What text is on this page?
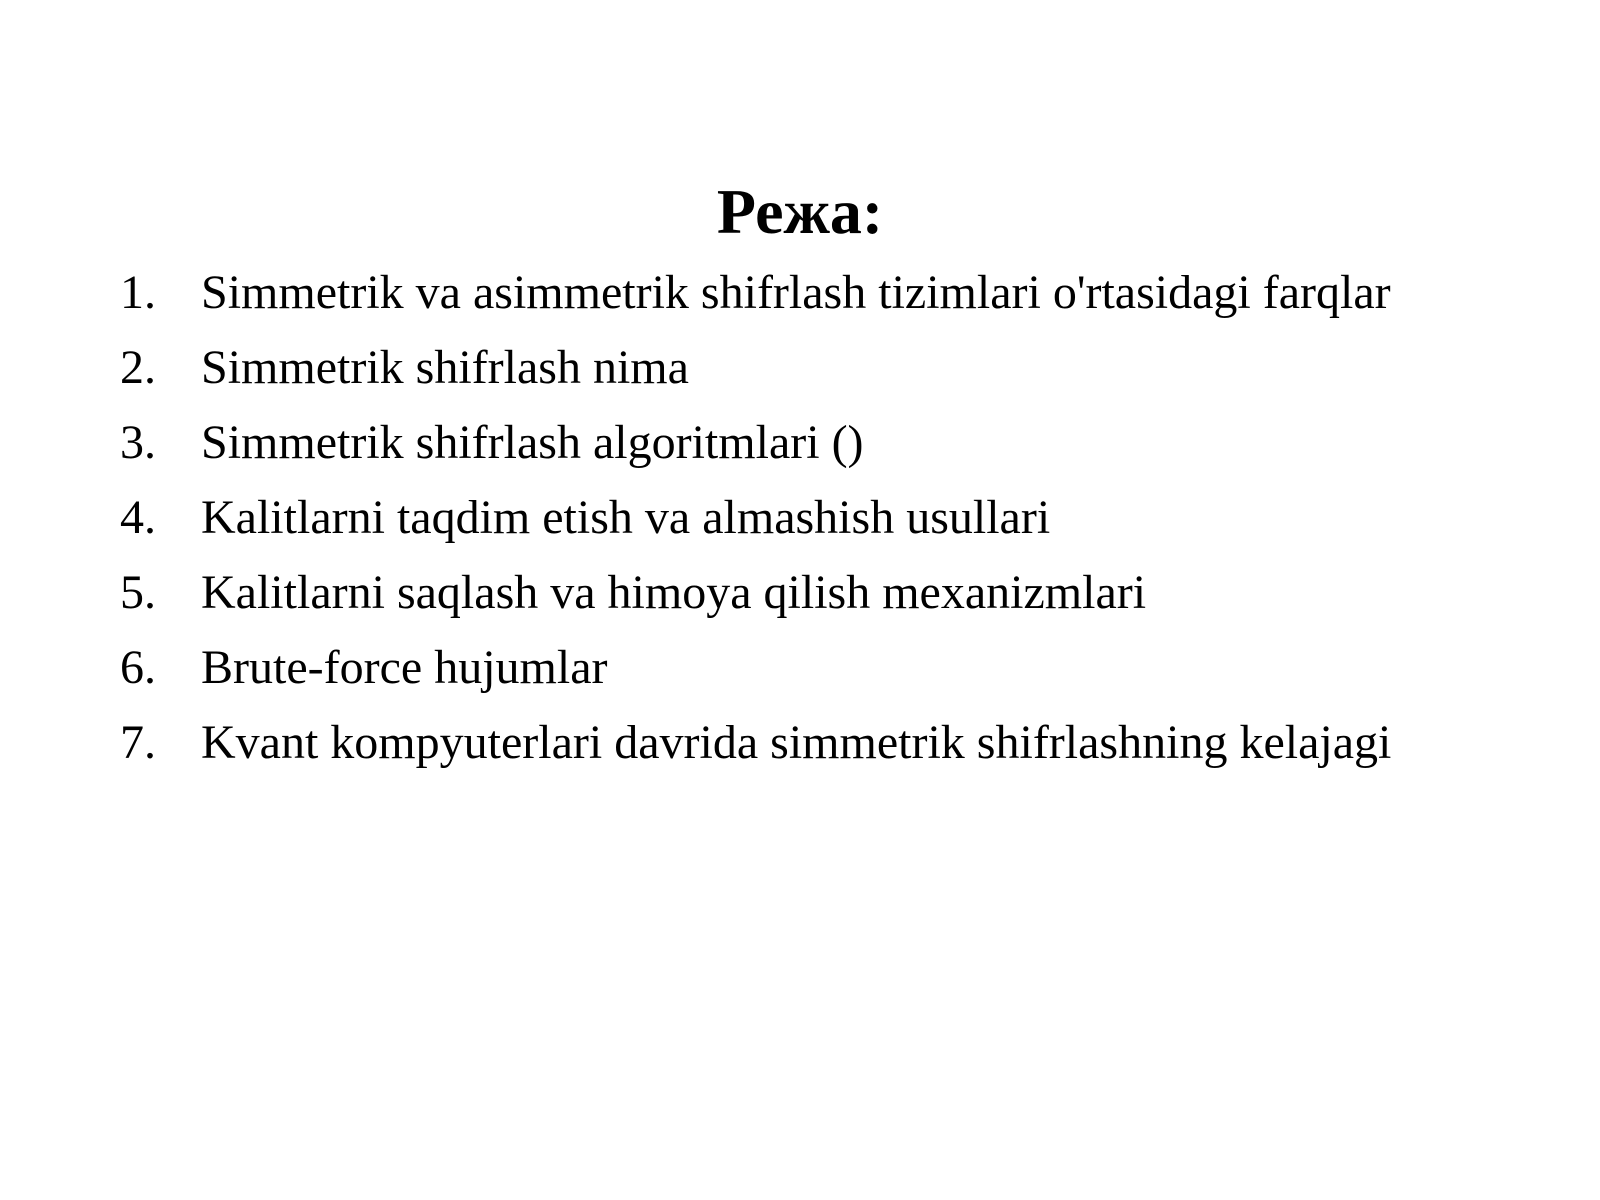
Режа:
1. Simmetrik va asimmetrik shifrlash tizimlari o'rtasidagi farqlar
2. Simmetrik shifrlash nima
3. Simmetrik shifrlash algoritmlari ()
4. Kalitlarni taqdim etish va almashish usullari
5. Kalitlarni saqlash va himoya qilish mexanizmlari
6. Brute-force hujumlar
7. Kvant kompyuterlari davrida simmetrik shifrlashning kelajagi
